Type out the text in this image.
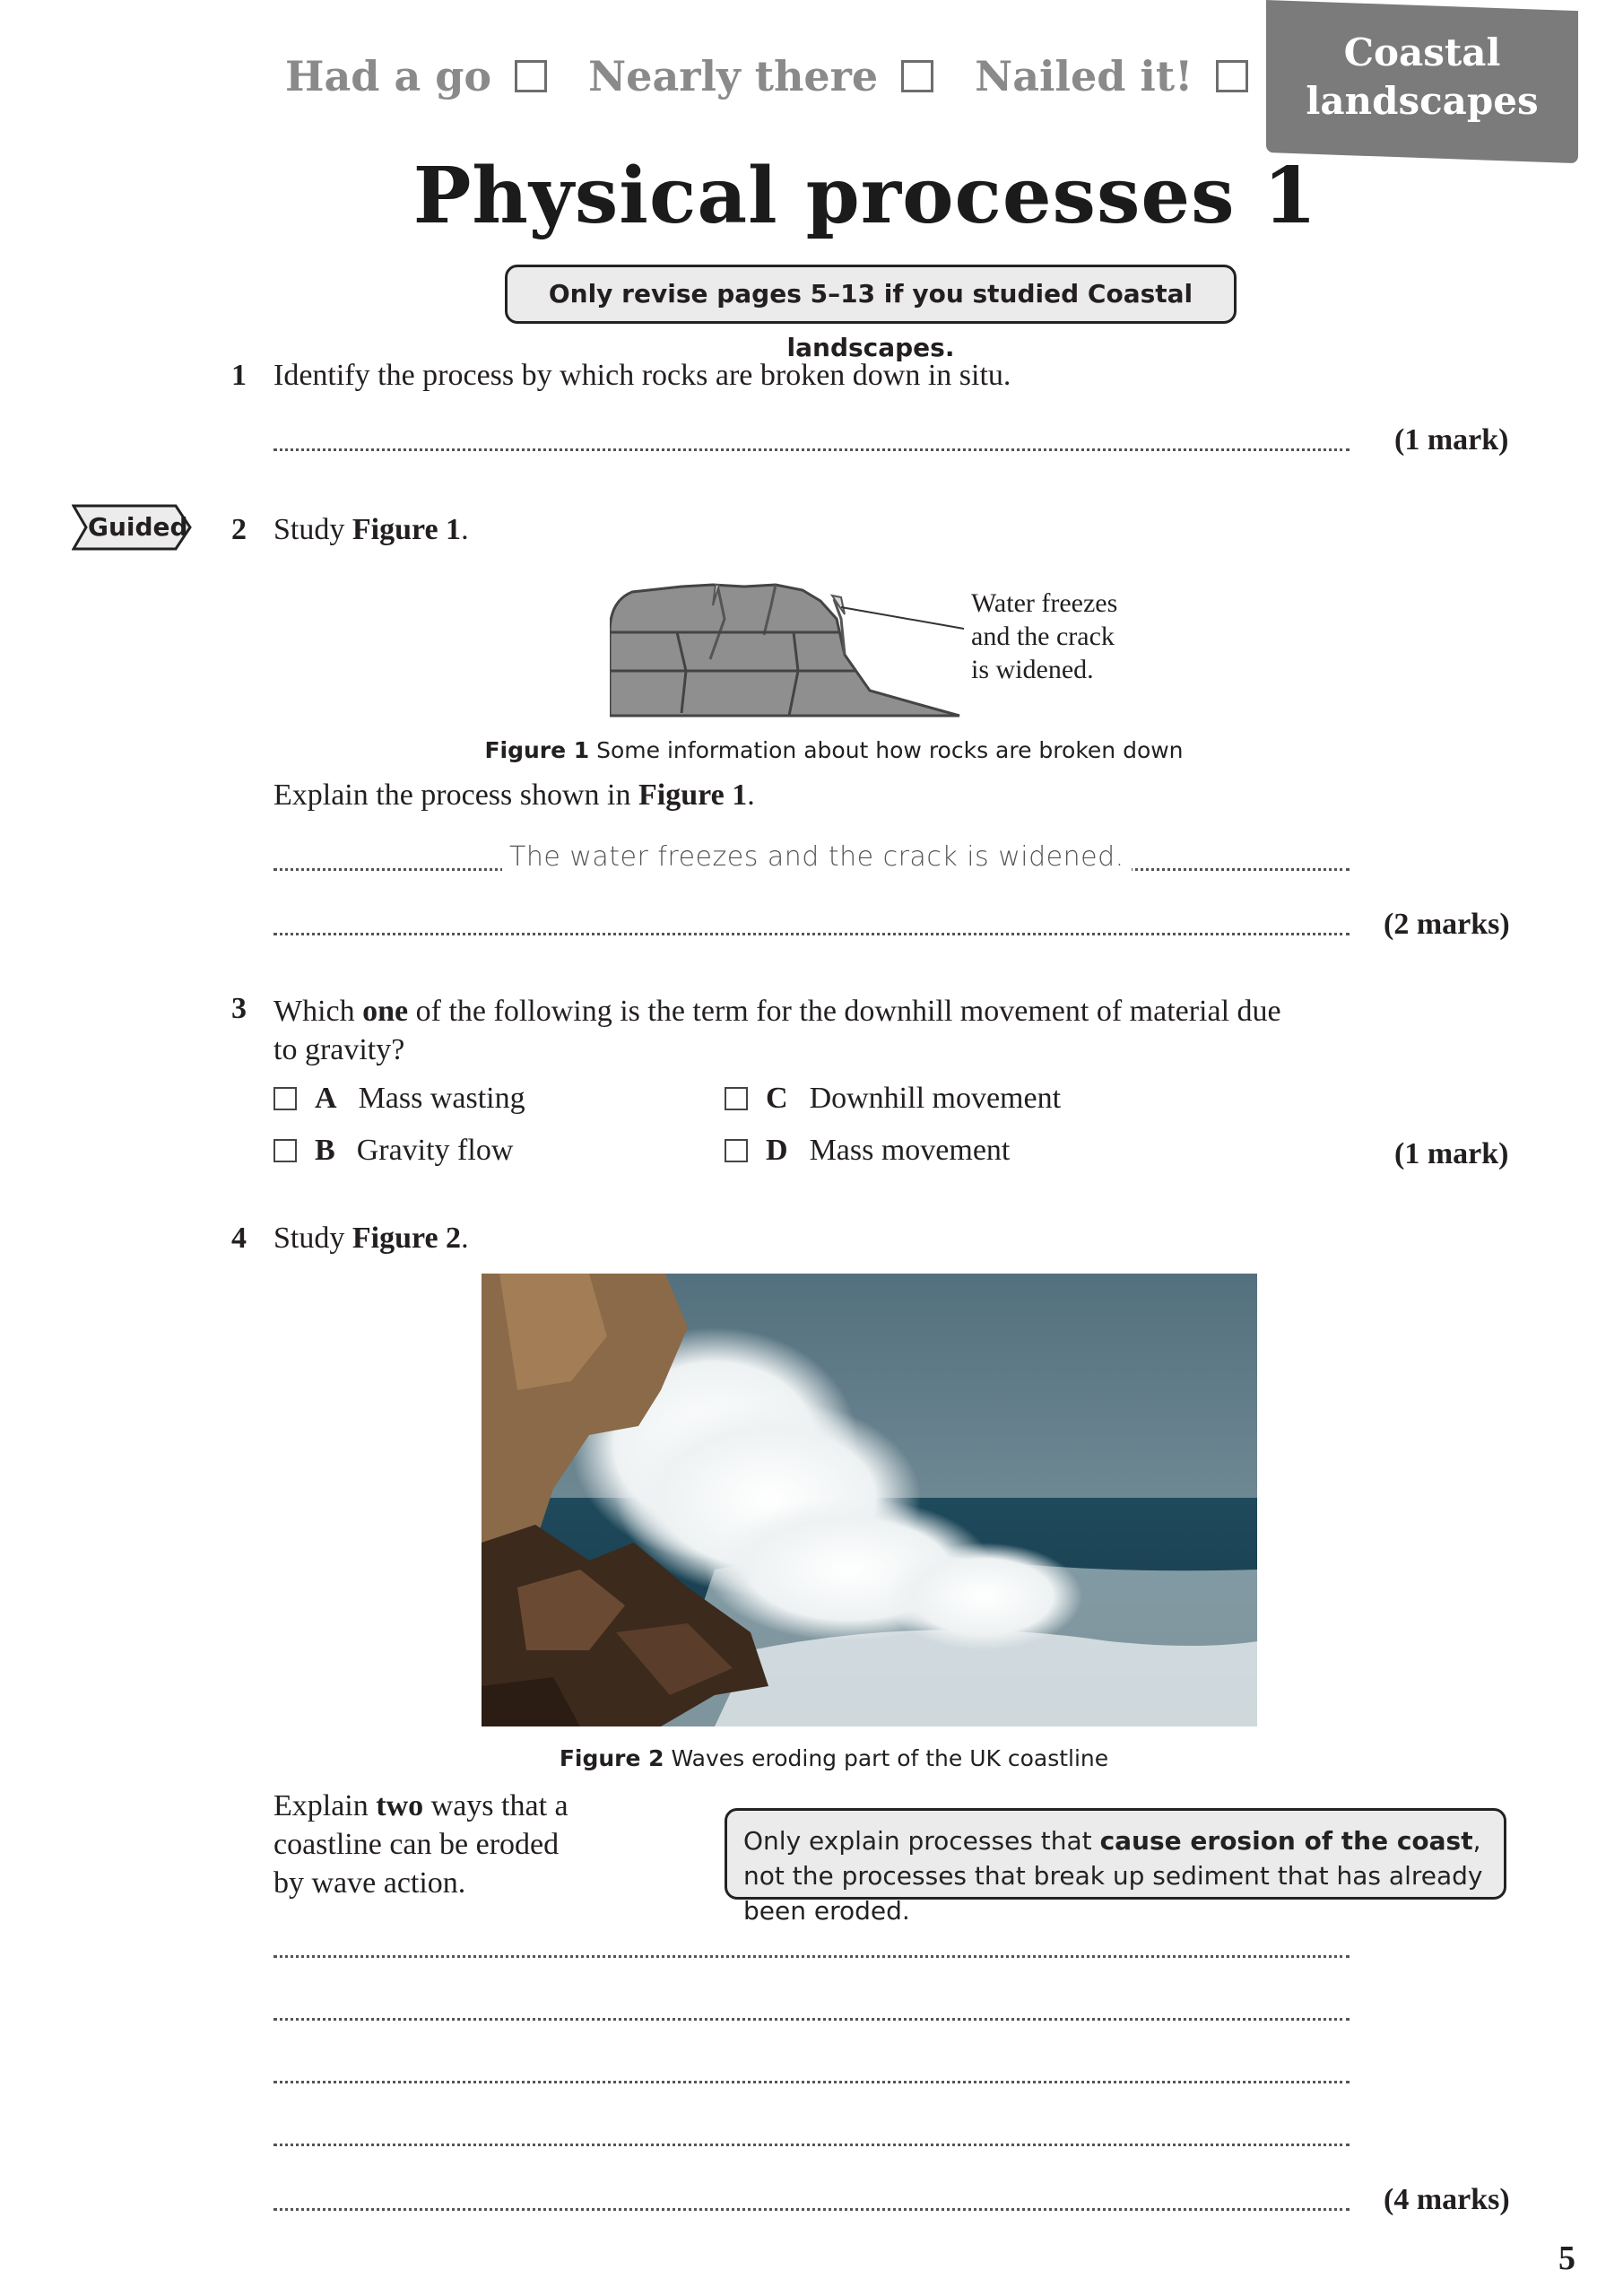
Had a go Nearly there Nailed it!	Coastal
landscapes
Physical processes 1
Only revise pages 5–13 if you studied Coastal landscapes.
1 Identify the process by which rocks are broken down in situ.
(1 mark)
Guided 2 Study Figure 1.
Water freezes
and the crack
is widened.
Figure 1 Some information about how rocks are broken down
Explain the process shown in Figure 1.
The water freezes and the crack is widened.
(2 marks)
3 Which one of the following is the term for the downhill movement of material due
to gravity?
A Mass wasting
B Gravity flow
C Downhill movement
D Mass movement	(1 mark)
4 Study Figure 2.
Figure 2 Waves eroding part of the UK coastline
Explain two ways that a
coastline can be eroded
by wave action.
Only explain processes that cause erosion of the coast, not the processes that break up sediment that has already been eroded.
(4 marks)
5
